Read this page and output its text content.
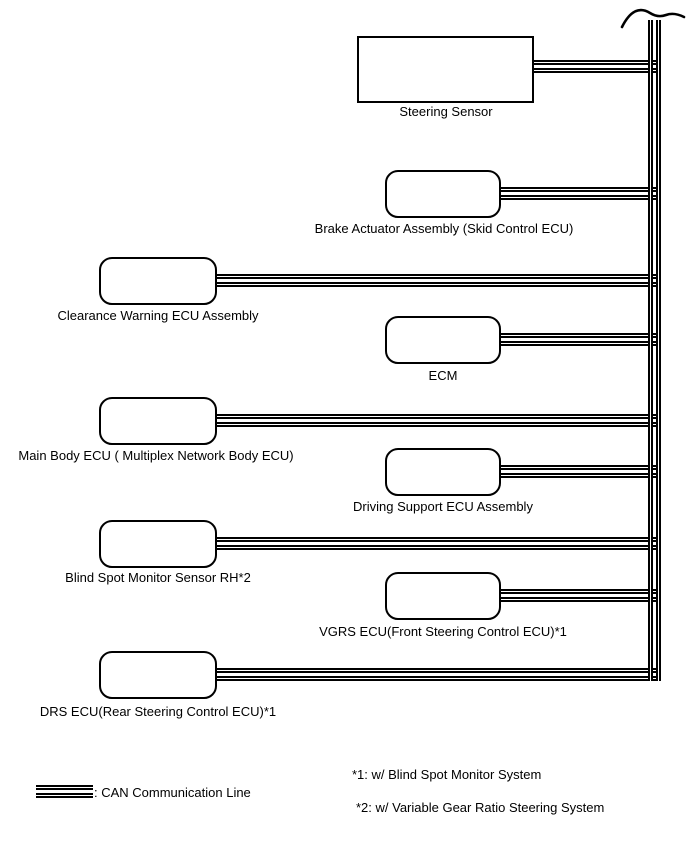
Steering Sensor
Brake Actuator Assembly (Skid Control ECU)
Clearance Warning ECU Assembly
ECM
Main Body ECU ( Multiplex Network Body ECU)
Driving Support ECU Assembly
Blind Spot Monitor Sensor RH*2
VGRS ECU(Front Steering Control ECU)*1
DRS ECU(Rear Steering Control ECU)*1
: CAN Communication Line
*1: w/ Blind Spot Monitor System
*2: w/ Variable Gear Ratio Steering System
